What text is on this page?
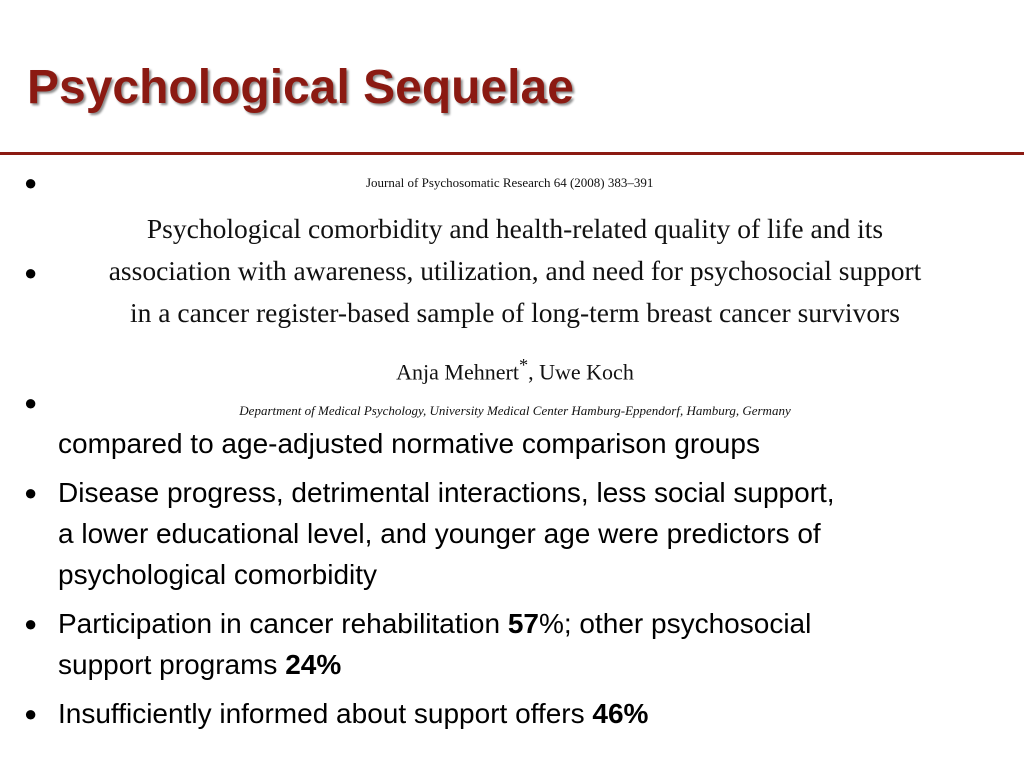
Psychological Sequelae
●
●
●
compared to age-adjusted normative comparison groups
● Disease progress, detrimental interactions, less social support,
a lower educational level, and younger age were predictors of
psychological comorbidity
● Participation in cancer rehabilitation 57%; other psychosocial
support programs 24%
● Insufficiently informed about support offers 46%
Journal of Psychosomatic Research 64 (2008) 383–391
Psychological comorbidity and health-related quality of life and its
association with awareness, utilization, and need for psychosocial support
in a cancer register-based sample of long-term breast cancer survivors
Anja Mehnert*, Uwe Koch
Department of Medical Psychology, University Medical Center Hamburg-Eppendorf, Hamburg, Germany
